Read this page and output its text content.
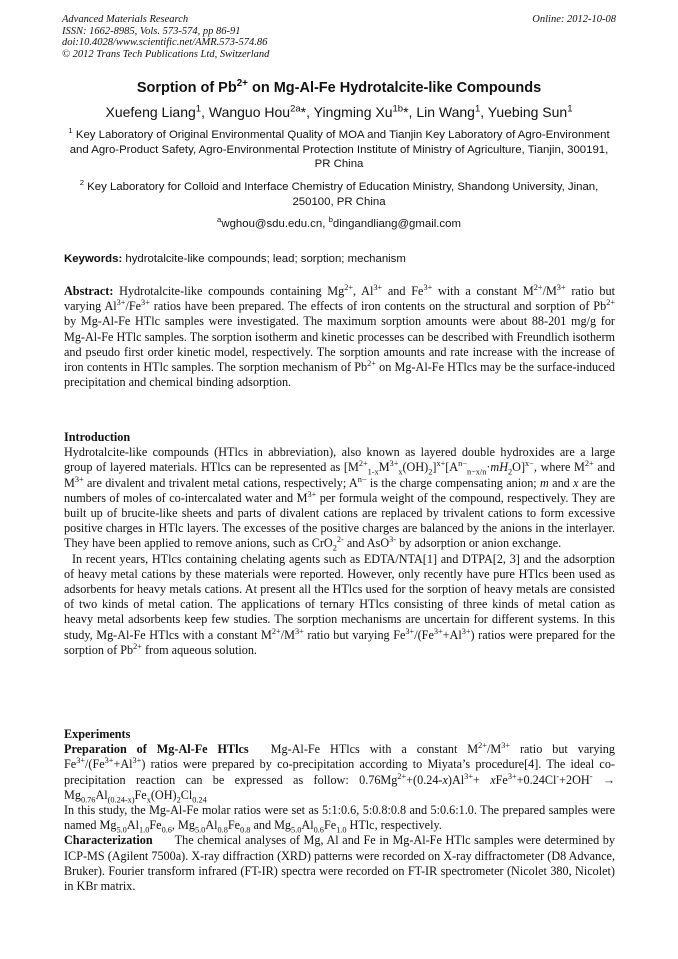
Advanced Materials Research
ISSN: 1662-8985, Vols. 573-574, pp 86-91
doi:10.4028/www.scientific.net/AMR.573-574.86
© 2012 Trans Tech Publications Ltd, Switzerland
Online: 2012-10-08
Sorption of $Pb^{2+}$ on Mg-Al-Fe Hydrotalcite-like Compounds
Xuefeng Liang$^1$, Wanguo Hou$^{2a}$*, Yingming $Xu^{1b}*$, Lin Wang$^1$, Yuebing Sun$^1$
$^1$ Key Laboratory of Original Environmental Quality of MOA and Tianjin Key Laboratory of Agro-Environment and Agro-Product Safety, Agro-Environmental Protection Institute of Ministry of Agriculture, Tianjin, 300191, PR China
$^2$ Key Laboratory for Colloid and Interface Chemistry of Education Ministry, Shandong University, Jinan, 250100, PR China
$^a$wghou@sdu.edu.cn, $^b$dingandliang@gmail.com
Keywords: hydrotalcite-like compounds; lead; sorption; mechanism

Abstract: Hydrotalcite-like compounds containing $Mg^{2+}$, $Al^{3+}$ and $Fe^{3+}$ with a constant $M^{2+}/M^{3+}$ ratio but varying $Al^{3+}/Fe^{3+}$ ratios have been prepared. The effects of iron contents on the structural and sorption of $Pb^{2+}$ by Mg-Al-Fe HTlc samples were investigated. The maximum sorption amounts were about 88-201 mg/g for Mg-Al-Fe HTlc samples. The sorption isotherm and kinetic processes can be described with Freundlich isotherm and pseudo first order kinetic model, respectively. The sorption amounts and rate increase with the increase of iron contents in HTlc samples. The sorption mechanism of $Pb^{2+}$ on Mg-Al-Fe HTlcs may be the surface-induced precipitation and chemical binding adsorption.

Introduction

Hydrotalcite-like compounds (HTlcs in abbreviation), also known as layered double hydroxides are a large group of layered materials. HTlcs can be represented as $[M^{2+}_{1-x}M^{3+}_x(OH)_2]^{x+}[A^{n-}_{n-x/n}\cdot mH_2O]^{x-}$, where $M^{2+}$ and $M^{3+}$ are divalent and trivalent metal cations, respectively; $A^{n-}$ is the charge compensating anion; m and x are the numbers of moles of co-intercalated water and $M^{3+}$ per formula weight of the compound, respectively. They are built up of brucite-like sheets and parts of divalent cations are replaced by trivalent cations to form excessive positive charges in HTlc layers. The excesses of the positive charges are balanced by the anions in the interlayer. They have been applied to remove anions, such as CrO$_2^{2-}$ and AsO$^{3-}$ by adsorption or anion exchange.

In recent years, HTlcs containing chelating agents such as EDTA/NTA[1] and DTPA[2, 3] and the adsorption of heavy metal cations by these materials were reported. However, only recently have pure HTlcs been used as adsorbents for heavy metals cations. At present all the HTlcs used for the sorption of heavy metals are consisted of two kinds of metal cation. The applications of ternary HTlcs consisting of three kinds of metal cation as heavy metal adsorbents keep few studies. The sorption mechanisms are uncertain for different systems. In this study, Mg-Al-Fe HTlcs with a constant $M^{2+}/M^{3+}$ ratio but varying $Fe^{3+}/(Fe^{3+}+Al^{3+})$ ratios were prepared for the sorption of $Pb^{2+}$ from aqueous solution.

Experiments

Preparation of Mg-Al-Fe HTlcs Mg-Al-Fe HTlcs with a constant $M^{2+}/M^{3+}$ ratio but varying $Fe^{3+}/(Fe^{3+}+Al^{3+})$ ratios were prepared by co-precipitation according to Miyata’s procedure[4]. The ideal co-precipitation reaction can be expressed as follow: $0.76Mg^{2+}+(0.24-x)Al^{3+}+ xFe^{3+}+0.24Cl^-+2OH^- \to Mg_{0.76}Al_{(0.24-x)}Fe_x(OH)_2Cl_{0.24}$

In this study, the Mg-Al-Fe molar ratios were set as 5:1:0.6, 5:0.8:0.8 and 5:0.6:1.0. The prepared samples were named $Mg_{5.0}Al_{1.0}Fe_{0.6}$, $Mg_{5.0}Al_{0.8}Fe_{0.8}$ and $Mg_{5.0}Al_{0.6}Fe_{1.0}$ HTlc, respectively.

Characterization The chemical analyses of Mg, Al and Fe in Mg-Al-Fe HTlc samples were determined by ICP-MS (Agilent 7500a). X-ray diffraction (XRD) patterns were recorded on X-ray diffractometer (D8 Advance, Bruker). Fourier transform infrared (FT-IR) spectra were recorded on FT-IR spectrometer (Nicolet 380, Nicolet) in KBr matrix.
